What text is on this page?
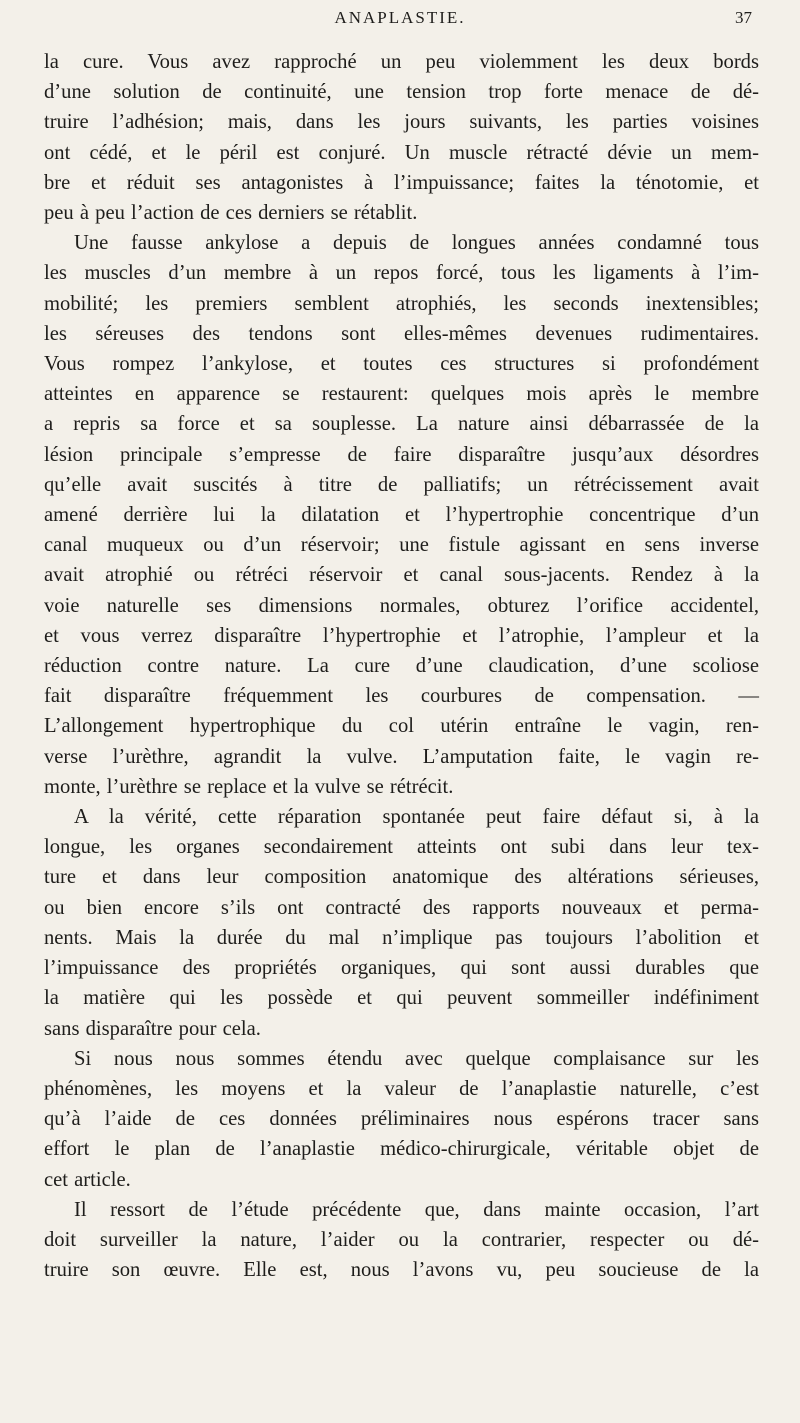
ANAPLASTIE.	37

la cure. Vous avez rapproché un peu violemment les deux bords

d’une solution de continuité, une tension trop forte menace de dé-

truire l’adhésion; mais, dans les jours suivants, les parties voisines

ont cédé, et le péril est conjuré. Un muscle rétracté dévie un mem-

bre et réduit ses antagonistes à l’impuissance; faites la ténotomie, et

peu à peu l’action de ces derniers se rétablit.

Une fausse ankylose a depuis de longues années condamné tous

les muscles d’un membre à un repos forcé, tous les ligaments à l’im-

mobilité; les premiers semblent atrophiés, les seconds inextensibles;

les séreuses des tendons sont elles-mêmes devenues rudimentaires.

Vous rompez l’ankylose, et toutes ces structures si profondément

atteintes en apparence se restaurent: quelques mois après le membre

a repris sa force et sa souplesse. La nature ainsi débarrassée de la

lésion principale s’empresse de faire disparaître jusqu’aux désordres

qu’elle avait suscités à titre de palliatifs; un rétrécissement avait

amené derrière lui la dilatation et l’hypertrophie concentrique d’un

canal muqueux ou d’un réservoir; une fistule agissant en sens inverse

avait atrophié ou rétréci réservoir et canal sous-jacents. Rendez à la

voie naturelle ses dimensions normales, obturez l’orifice accidentel,

et vous verrez disparaître l’hypertrophie et l’atrophie, l’ampleur et la

réduction contre nature. La cure d’une claudication, d’une scoliose

fait disparaître fréquemment les courbures de compensation. —

L’allongement hypertrophique du col utérin entraîne le vagin, ren-

verse l’urèthre, agrandit la vulve. L’amputation faite, le vagin re-

monte, l’urèthre se replace et la vulve se rétrécit.

A la vérité, cette réparation spontanée peut faire défaut si, à la

longue, les organes secondairement atteints ont subi dans leur tex-

ture et dans leur composition anatomique des altérations sérieuses,

ou bien encore s’ils ont contracté des rapports nouveaux et perma-

nents. Mais la durée du mal n’implique pas toujours l’abolition et

l’impuissance des propriétés organiques, qui sont aussi durables que

la matière qui les possède et qui peuvent sommeiller indéfiniment

sans disparaître pour cela.

Si nous nous sommes étendu avec quelque complaisance sur les

phénomènes, les moyens et la valeur de l’anaplastie naturelle, c’est

qu’à l’aide de ces données préliminaires nous espérons tracer sans

effort le plan de l’anaplastie médico-chirurgicale, véritable objet de

cet article.

Il ressort de l’étude précédente que, dans mainte occasion, l’art

doit surveiller la nature, l’aider ou la contrarier, respecter ou dé-

truire son œuvre. Elle est, nous l’avons vu, peu soucieuse de la
